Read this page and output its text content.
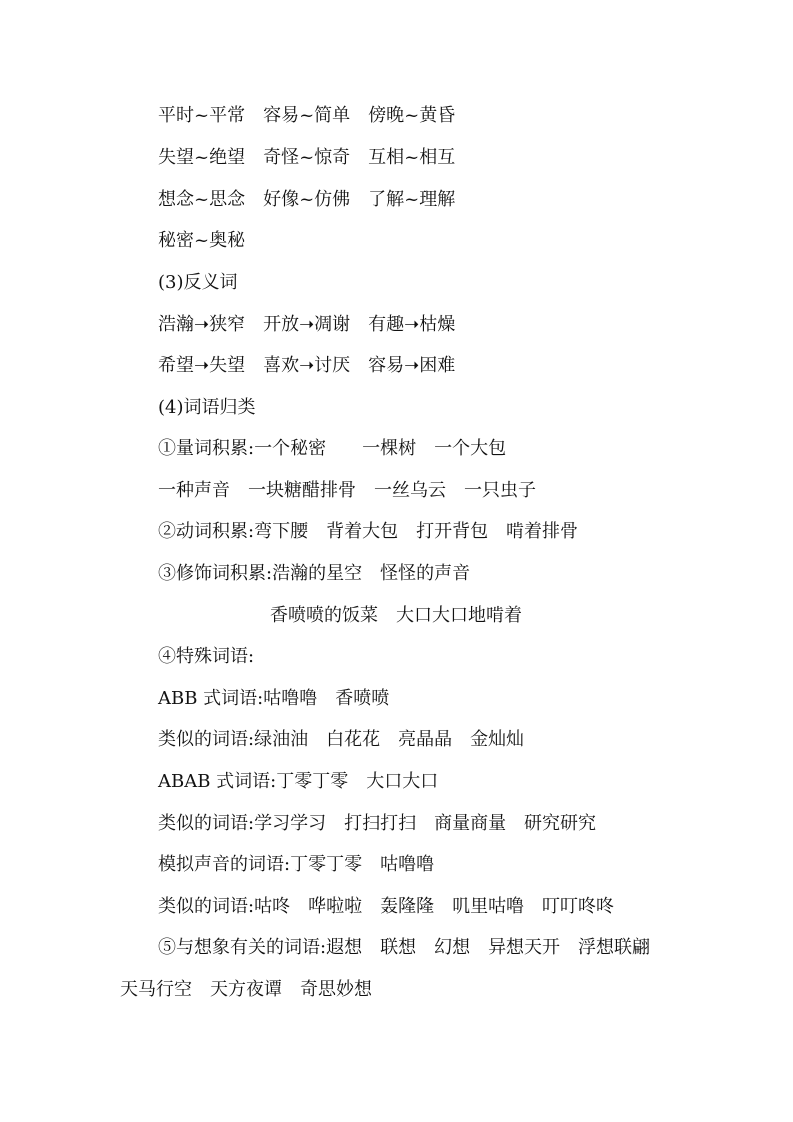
平时~平常　容易~简单　傍晚~黄昏
失望~绝望　奇怪~惊奇　互相~相互
想念~思念　好像~仿佛　了解~理解
秘密~奥秘
(3)反义词
浩瀚➝狭窄　开放➝凋谢　有趣➝枯燥
希望➝失望　喜欢➝讨厌　容易➝困难
(4)词语归类
①量词积累:一个秘密　　一棵树　一个大包
一种声音　一块糖醋排骨　一丝乌云　一只虫子
②动词积累:弯下腰　背着大包　打开背包　啃着排骨
③修饰词积累:浩瀚的星空　怪怪的声音
香喷喷的饭菜　大口大口地啃着
④特殊词语:
ABB 式词语:咕噜噜　香喷喷
类似的词语:绿油油　白花花　亮晶晶　金灿灿
ABAB 式词语:丁零丁零　大口大口
类似的词语:学习学习　打扫打扫　商量商量　研究研究
模拟声音的词语:丁零丁零　咕噜噜
类似的词语:咕咚　哗啦啦　轰隆隆　叽里咕噜　叮叮咚咚
⑤与想象有关的词语:遐想　联想　幻想　异想天开　浮想联翩
天马行空　天方夜谭　奇思妙想
